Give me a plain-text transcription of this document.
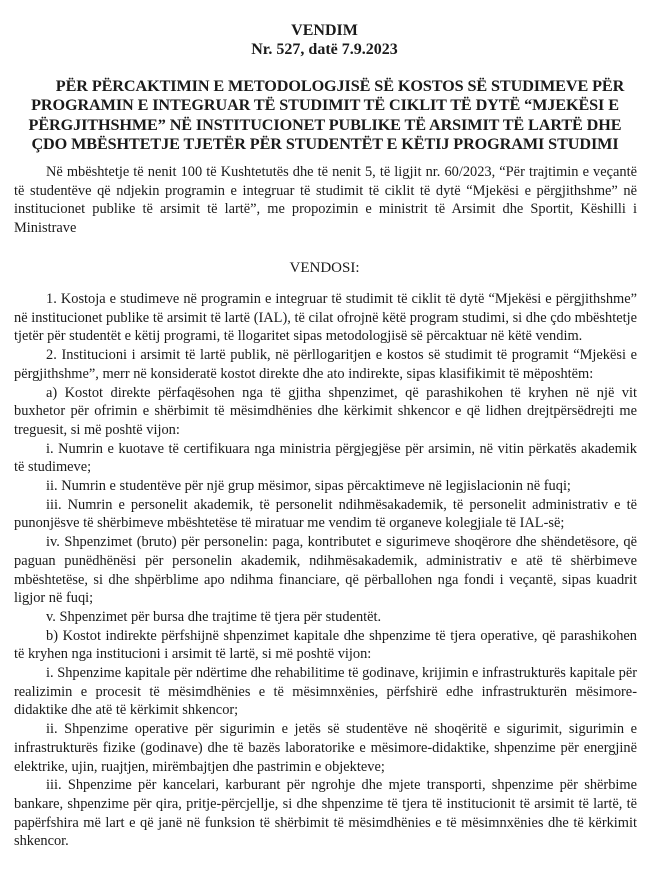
VENDIM
Nr. 527, datë 7.9.2023
PËR PËRCAKTIMIN E METODOLOGJISË SË KOSTOS SË STUDIMEVE PËR PROGRAMIN E INTEGRUAR TË STUDIMIT TË CIKLIT TË DYTË “MJEKËSI E PËRGJITHSHME” NË INSTITUCIONET PUBLIKE TË ARSIMIT TË LARTË DHE ÇDO MBËSHTETJE TJETËR PËR STUDENTËT E KËTIJ PROGRAMI STUDIMI

Në mbështetje të nenit 100 të Kushtetutës dhe të nenit 5, të ligjit nr. 60/2023, “Për trajtimin e veçantë të studentëve që ndjekin programin e integruar të studimit të ciklit të dytë “Mjekësi e përgjithshme” në institucionet publike të arsimit të lartë”, me propozimin e ministrit të Arsimit dhe Sportit, Këshilli i Ministrave

VENDOSI:

1. Kostoja e studimeve në programin e integruar të studimit të ciklit të dytë “Mjekësi e përgjithshme” në institucionet publike të arsimit të lartë (IAL), të cilat ofrojnë këtë program studimi, si dhe çdo mbështetje tjetër për studentët e këtij programi, të llogaritet sipas metodologjisë së përcaktuar në këtë vendim.

2. Institucioni i arsimit të lartë publik, në përllogaritjen e kostos së studimit të programit “Mjekësi e përgjithshme”, merr në konsideratë kostot direkte dhe ato indirekte, sipas klasifikimit të mëposhtëm:

a) Kostot direkte përfaqësohen nga të gjitha shpenzimet, që parashikohen të kryhen në një vit buxhetor për ofrimin e shërbimit të mësimdhënies dhe kërkimit shkencor e që lidhen drejtpërsëdrejti me treguesit, si më poshtë vijon:

i. Numrin e kuotave të certifikuara nga ministria përgjegjëse për arsimin, në vitin përkatës akademik të studimeve;

ii. Numrin e studentëve për një grup mësimor, sipas përcaktimeve në legjislacionin në fuqi;

iii. Numrin e personelit akademik, të personelit ndihmësakademik, të personelit administrativ e të punonjësve të shërbimeve mbështetëse të miratuar me vendim të organeve kolegjiale të IAL-së;

iv. Shpenzimet (bruto) për personelin: paga, kontributet e sigurimeve shoqërore dhe shëndetësore, që paguan punëdhënësi për personelin akademik, ndihmësakademik, administrativ e atë të shërbimeve mbështetëse, si dhe shpërblime apo ndihma financiare, që përballohen nga fondi i veçantë, sipas kuadrit ligjor në fuqi;

v. Shpenzimet për bursa dhe trajtime të tjera për studentët.

b) Kostot indirekte përfshijnë shpenzimet kapitale dhe shpenzime të tjera operative, që parashikohen të kryhen nga institucioni i arsimit të lartë, si më poshtë vijon:

i. Shpenzime kapitale për ndërtime dhe rehabilitime të godinave, krijimin e infrastrukturës kapitale për realizimin e procesit të mësimdhënies e të mësimnxënies, përfshirë edhe infrastrukturën mësimore-didaktike dhe atë të kërkimit shkencor;

ii. Shpenzime operative për sigurimin e jetës së studentëve në shoqëritë e sigurimit, sigurimin e infrastrukturës fizike (godinave) dhe të bazës laboratorike e mësimore-didaktike, shpenzime për energjinë elektrike, ujin, ruajtjen, mirëmbajtjen dhe pastrimin e objekteve;

iii. Shpenzime për kancelari, karburant për ngrohje dhe mjete transporti, shpenzime për shërbime bankare, shpenzime për qira, pritje-përcjellje, si dhe shpenzime të tjera të institucionit të arsimit të lartë, të papërfshira më lart e që janë në funksion të shërbimit të mësimdhënies e të mësimnxënies dhe të kërkimit shkencor.
